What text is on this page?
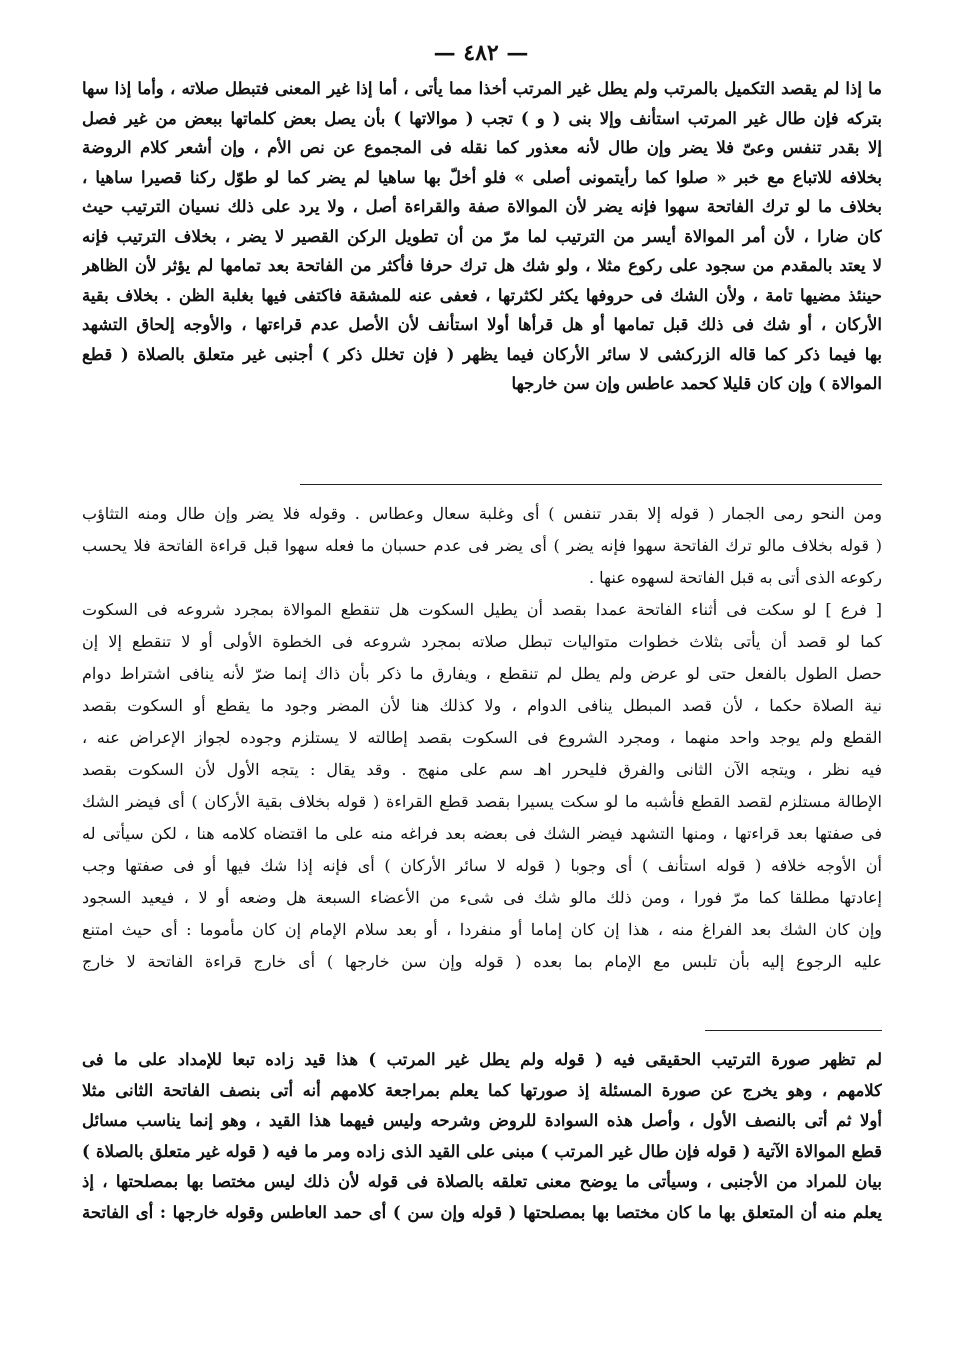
— ٤٨٢ —
ما إذا لم يقصد التكميل بالمرتب ولم يطل غير المرتب أخذا مما يأتى ، أما إذا غير المعنى فتبطل صلاته ، وأما إذا سها
بتركه فإن طال غير المرتب استأنف وإلا بنى ( و ) تجب ( موالاتها ) بأن يصل بعض كلماتها ببعض من غير فصل
إلا بقدر تنفس وعىّ فلا يضر وإن طال لأنه معذور كما نقله فى المجموع عن نص الأم ، وإن أشعر كلام الروضة
بخلافه للاتباع مع خبر « صلوا كما رأيتمونى أصلى » فلو أخلّ بها ساهيا لم يضر كما لو طوّل ركنا قصيرا ساهيا ،
بخلاف ما لو ترك الفاتحة سهوا فإنه يضر لأن الموالاة صفة والقراءة أصل ، ولا يرد على ذلك نسيان الترتيب حيث
كان ضارا ، لأن أمر الموالاة أيسر من الترتيب لما مرّ من أن تطويل الركن القصير لا يضر ، بخلاف الترتيب فإنه
لا يعتد بالمقدم من سجود على ركوع مثلا ، ولو شك هل ترك حرفا فأكثر من الفاتحة بعد تمامها لم يؤثر لأن الظاهر
حينئذ مضيها تامة ، ولأن الشك فى حروفها يكثر لكثرتها ، فعفى عنه للمشقة فاكتفى فيها بغلبة الظن . بخلاف بقية
الأركان ، أو شك فى ذلك قبل تمامها أو هل قرأها أولا استأنف لأن الأصل عدم قراءتها ، والأوجه إلحاق التشهد
بها فيما ذكر كما قاله الزركشى لا سائر الأركان فيما يظهر ( فإن تخلل ذكر ) أجنبى غير متعلق بالصلاة ( قطع
الموالاة ) وإن كان قليلا كحمد عاطس وإن سن خارجها
ومن النحو رمى الجمار ( قوله إلا بقدر تنفس ) أى وغلبة سعال وعطاس . وقوله فلا يضر وإن طال ومنه التثاؤب
( قوله بخلاف مالو ترك الفاتحة سهوا فإنه يضر ) أى يضر فى عدم حسبان ما فعله سهوا قبل قراءة الفاتحة فلا يحسب
ركوعه الذى أتى به قبل الفاتحة لسهوه عنها .
[ فرع ] لو سكت فى أثناء الفاتحة عمدا بقصد أن يطيل السكوت هل تنقطع الموالاة بمجرد شروعه فى السكوت
كما لو قصد أن يأتى بثلاث خطوات متواليات تبطل صلاته بمجرد شروعه فى الخطوة الأولى أو لا تنقطع إلا إن
حصل الطول بالفعل حتى لو عرض ولم يطل لم تنقطع ، ويفارق ما ذكر بأن ذاك إنما ضرّ لأنه ينافى اشتراط دوام
نية الصلاة حكما ، لأن قصد المبطل ينافى الدوام ، ولا كذلك هنا لأن المضر وجود ما يقطع أو السكوت بقصد
القطع ولم يوجد واحد منهما ، ومجرد الشروع فى السكوت بقصد إطالته لا يستلزم وجوده لجواز الإعراض عنه ،
فيه نظر ، ويتجه الآن الثانى والفرق فليحرر اهـ سم على منهج . وقد يقال : يتجه الأول لأن السكوت بقصد
الإطالة مستلزم لقصد القطع فأشبه ما لو سكت يسيرا بقصد قطع القراءة ( قوله بخلاف بقية الأركان ) أى فيضر الشك
فى صفتها بعد قراءتها ، ومنها التشهد فيضر الشك فى بعضه بعد فراغه منه على ما اقتضاه كلامه هنا ، لكن سيأتى له
أن الأوجه خلافه ( قوله استأنف ) أى وجوبا ( قوله لا سائر الأركان ) أى فإنه إذا شك فيها أو فى صفتها وجب
إعادتها مطلقا كما مرّ فورا ، ومن ذلك مالو شك فى شىء من الأعضاء السبعة هل وضعه أو لا ، فيعيد السجود
وإن كان الشك بعد الفراغ منه ، هذا إن كان إماما أو منفردا ، أو بعد سلام الإمام إن كان مأموما : أى حيث امتنع
عليه الرجوع إليه بأن تلبس مع الإمام بما بعده ( قوله وإن سن خارجها ) أى خارج قراءة الفاتحة لا خارج
لم تظهر صورة الترتيب الحقيقى فيه ( قوله ولم يطل غير المرتب ) هذا قيد زاده تبعا للإمداد على ما فى
كلامهم ، وهو يخرج عن صورة المسئلة إذ صورتها كما يعلم بمراجعة كلامهم أنه أتى بنصف الفاتحة الثانى مثلا
أولا ثم أتى بالنصف الأول ، وأصل هذه السوادة للروض وشرحه وليس فيهما هذا القيد ، وهو إنما يناسب مسائل
قطع الموالاة الآتية ( قوله فإن طال غير المرتب ) مبنى على القيد الذى زاده ومر ما فيه ( قوله غير متعلق بالصلاة )
بيان للمراد من الأجنبى ، وسيأتى ما يوضح معنى تعلقه بالصلاة فى قوله لأن ذلك ليس مختصا بها بمصلحتها ، إذ
يعلم منه أن المتعلق بها ما كان مختصا بها بمصلحتها ( قوله وإن سن ) أى حمد العاطس وقوله خارجها : أى الفاتحة
